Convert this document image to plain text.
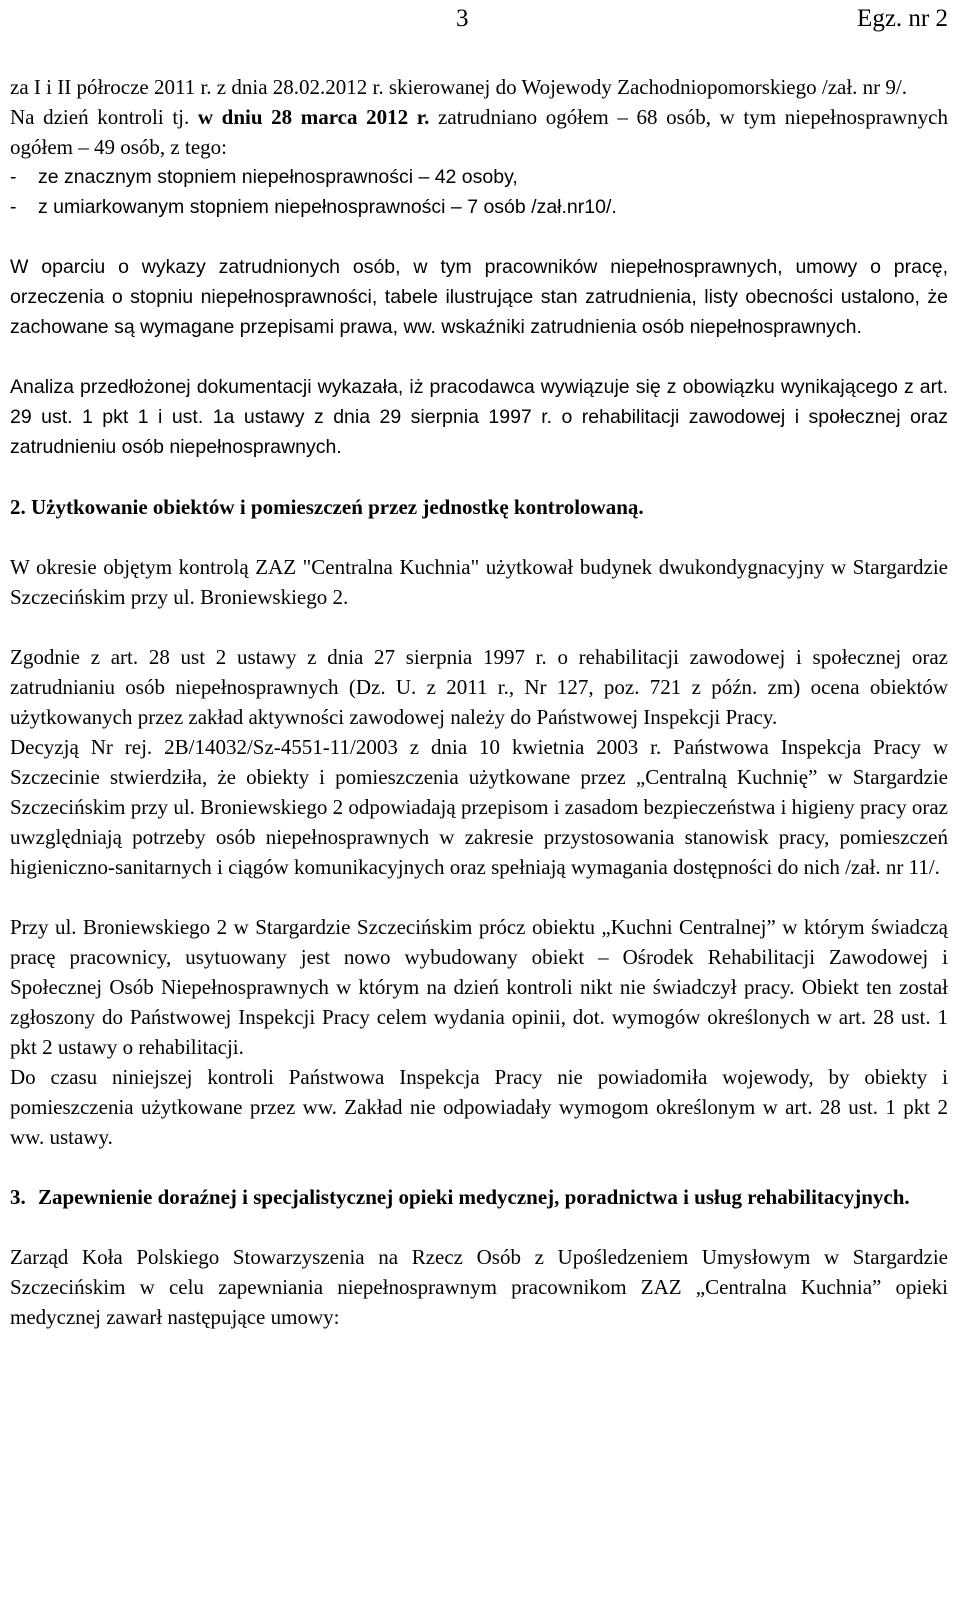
3	Egz. nr 2

za I i II półrocze 2011 r. z dnia 28.02.2012 r. skierowanej do Wojewody Zachodniopomorskiego /zał. nr 9/.

Na dzień kontroli tj. w dniu 28 marca 2012 r. zatrudniano ogółem – 68 osób, w tym niepełnosprawnych ogółem – 49 osób, z tego:

-	ze znacznym stopniem niepełnosprawności – 42 osoby,
-	z umiarkowanym stopniem niepełnosprawności – 7 osób /zał.nr10/.

W oparciu o wykazy zatrudnionych osób, w tym pracowników niepełnosprawnych, umowy o pracę, orzeczenia o stopniu niepełnosprawności, tabele ilustrujące stan zatrudnienia, listy obecności ustalono, że zachowane są wymagane przepisami prawa, ww. wskaźniki zatrudnienia osób niepełnosprawnych.

Analiza przedłożonej dokumentacji wykazała, iż pracodawca wywiązuje się z obowiązku wynikającego z art. 29 ust. 1 pkt 1 i ust. 1a ustawy z dnia 29 sierpnia 1997 r. o rehabilitacji zawodowej i społecznej oraz zatrudnieniu osób niepełnosprawnych.

2. Użytkowanie obiektów i pomieszczeń przez jednostkę kontrolowaną.

W okresie objętym kontrolą ZAZ "Centralna Kuchnia" użytkował budynek dwukondygnacyjny w Stargardzie Szczecińskim przy ul. Broniewskiego 2.

Zgodnie z art. 28 ust 2 ustawy z dnia 27 sierpnia 1997 r. o rehabilitacji zawodowej i społecznej oraz zatrudnianiu osób niepełnosprawnych (Dz. U. z 2011 r., Nr 127, poz. 721 z późn. zm) ocena obiektów użytkowanych przez zakład aktywności zawodowej należy do Państwowej Inspekcji Pracy.

Decyzją Nr rej. 2B/14032/Sz-4551-11/2003 z dnia 10 kwietnia 2003 r. Państwowa Inspekcja Pracy w Szczecinie stwierdziła, że obiekty i pomieszczenia użytkowane przez „Centralną Kuchnię” w Stargardzie Szczecińskim przy ul. Broniewskiego 2 odpowiadają przepisom i zasadom bezpieczeństwa i higieny pracy oraz uwzględniają potrzeby osób niepełnosprawnych w zakresie przystosowania stanowisk pracy, pomieszczeń higieniczno-sanitarnych i ciągów komunikacyjnych oraz spełniają wymagania dostępności do nich /zał. nr 11/.

Przy ul. Broniewskiego 2 w Stargardzie Szczecińskim prócz obiektu „Kuchni Centralnej” w którym świadczą pracę pracownicy, usytuowany jest nowo wybudowany obiekt – Ośrodek Rehabilitacji Zawodowej i Społecznej Osób Niepełnosprawnych w którym na dzień kontroli nikt nie świadczył pracy. Obiekt ten został zgłoszony do Państwowej Inspekcji Pracy celem wydania opinii, dot. wymogów określonych w art. 28 ust. 1 pkt 2 ustawy o rehabilitacji.

Do czasu niniejszej kontroli Państwowa Inspekcja Pracy nie powiadomiła wojewody, by obiekty i pomieszczenia użytkowane przez ww. Zakład nie odpowiadały wymogom określonym w art. 28 ust. 1 pkt 2 ww. ustawy.

3. Zapewnienie doraźnej i specjalistycznej opieki medycznej, poradnictwa i usług rehabilitacyjnych.

Zarząd Koła Polskiego Stowarzyszenia na Rzecz Osób z Upośledzeniem Umysłowym w Stargardzie Szczecińskim w celu zapewniania niepełnosprawnym pracownikom ZAZ „Centralna Kuchnia” opieki medycznej zawarł następujące umowy:
